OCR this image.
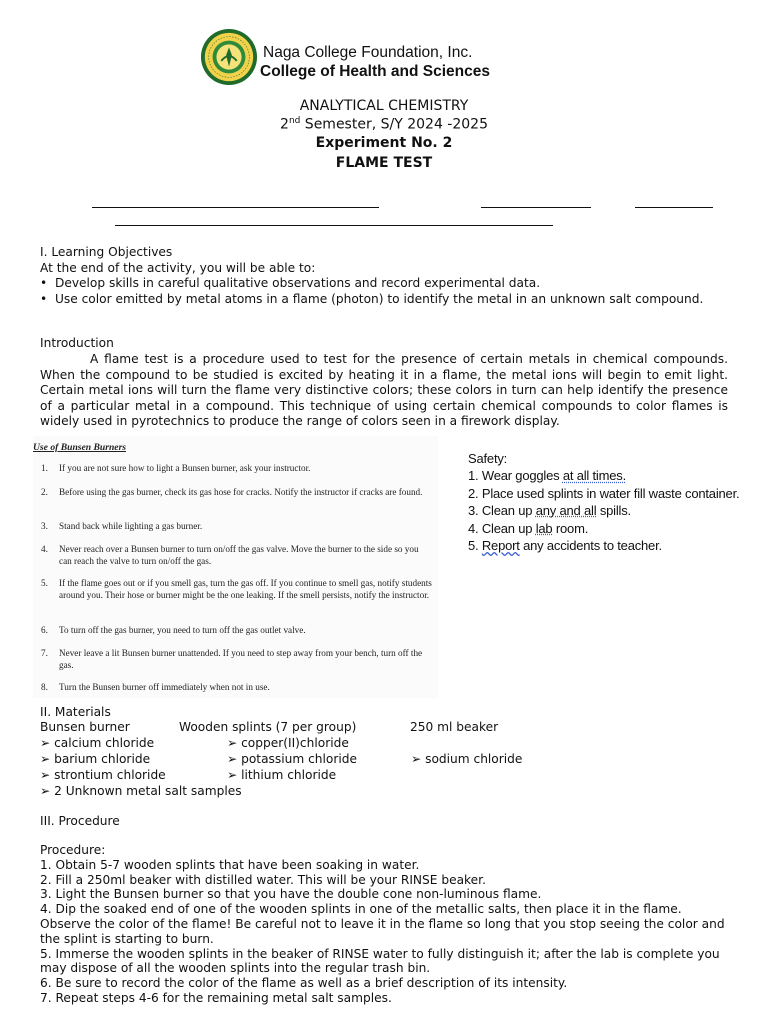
Naga College Foundation, Inc.
College of Health and Sciences
ANALYTICAL CHEMISTRY
2nd Semester, S/Y 2024 -2025
Experiment No. 2
FLAME TEST
I. Learning Objectives
At the end of the activity, you will be able to:
• Develop skills in careful qualitative observations and record experimental data.
• Use color emitted by metal atoms in a flame (photon) to identify the metal in an unknown salt compound.
Introduction
A flame test is a procedure used to test for the presence of certain metals in chemical compounds. When the compound to be studied is excited by heating it in a flame, the metal ions will begin to emit light. Certain metal ions will turn the flame very distinctive colors; these colors in turn can help identify the presence of a particular metal in a compound. This technique of using certain chemical compounds to color flames is widely used in pyrotechnics to produce the range of colors seen in a firework display.
Use of Bunsen Burners
1. If you are not sure how to light a Bunsen burner, ask your instructor.
2. Before using the gas burner, check its gas hose for cracks. Notify the instructor if cracks are found.
3. Stand back while lighting a gas burner.
4. Never reach over a Bunsen burner to turn on/off the gas valve. Move the burner to the side so you can reach the valve to turn on/off the gas.
5. If the flame goes out or if you smell gas, turn the gas off. If you continue to smell gas, notify students around you. Their hose or burner might be the one leaking. If the smell persists, notify the instructor.
6. To turn off the gas burner, you need to turn off the gas outlet valve.
7. Never leave a lit Bunsen burner unattended. If you need to step away from your bench, turn off the gas.
8. Turn the Bunsen burner off immediately when not in use.
Safety:
1. Wear goggles at all times.
2. Place used splints in water fill waste container.
3. Clean up any and all spills.
4. Clean up lab room.
5. Report any accidents to teacher.
II. Materials
Bunsen burner	Wooden splints (7 per group)	250 ml beaker
➢ calcium chloride
➢ barium chloride
➢ strontium chloride
➢ copper(II)chloride
➢ potassium chloride
➢ lithium chloride
➢ sodium chloride
➢ 2 Unknown metal salt samples
III. Procedure
Procedure:
1. Obtain 5-7 wooden splints that have been soaking in water.
2. Fill a 250ml beaker with distilled water. This will be your RINSE beaker.
3. Light the Bunsen burner so that you have the double cone non-luminous flame.
4. Dip the soaked end of one of the wooden splints in one of the metallic salts, then place it in the flame. Observe the color of the flame! Be careful not to leave it in the flame so long that you stop seeing the color and the splint is starting to burn.
5. Immerse the wooden splints in the beaker of RINSE water to fully distinguish it; after the lab is complete you may dispose of all the wooden splints into the regular trash bin.
6. Be sure to record the color of the flame as well as a brief description of its intensity.
7. Repeat steps 4-6 for the remaining metal salt samples.
